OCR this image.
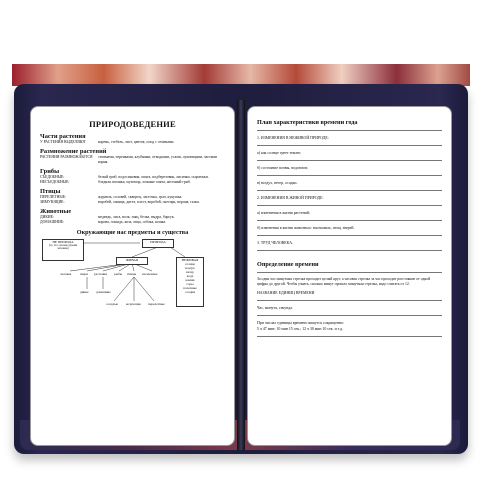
ПРИРОДОВЕДЕНИЕ
Части растения
У РАСТЕНИЯ ВЫДЕЛЯЮТ	корень, стебель, лист, цветок, плод с семенами.
Размножение растений
РАСТЕНИЯ РАЗМНОЖАЮТСЯ	семенами, черенками, клубнями, отводками, усами, луковицами, частями корня.
Грибы
СЪЕДОБНЫЕ:	белый гриб, подосиновик, опята, подберезовик, лисички, сыроежки.
НЕСЪЕДОБНЫЕ:	бледная поганка, мухомор, ложные опята, желчный гриб.
Птицы
ПЕРЕЛЕТНЫЕ:	журавль, соловей, скворец, ласточка, грач, кукушка.
ЗИМУЮЩИЕ:	воробей, синица, дятел, клест, воробей, снегирь, ворона, галка.
Животные
ДИКИЕ:	медведь, лиса, волк, заяц, белка, выдра, барсук.
ДОМАШНИЕ:	корова, лошадь, коза, овца, собака, кошка.
Окружающие нас предметы и существа
НЕ ПРИРОДА
(то, что сделано руками человека)
ПРИРОДА
ЖИВАЯ	НЕЖИВАЯ
солнце
воздух
ветер
вода
камни
горы
полезные
осадки
человек	звери растения рыбы птицы насекомые
дикие домашние
оседлые кочующие перелетные
План характеристики времени года
1. ИЗМЕНЕНИЯ В НЕЖИВОЙ ПРИРОДЕ:
а) как солнце греет землю;
б) состояние почвы, водоемов;
в) воздух, ветер, осадки.
2. ИЗМЕНЕНИЯ В ЖИВОЙ ПРИРОДЕ:
а) изменения в жизни растений;
б) изменения в жизни животных: насекомых, птиц, зверей.
3. ТРУД ЧЕЛОВЕКА.
Определение времени
За один час минутная стрелка проходит целый круг, а часовая стрелка за час проходит расстояние от одной цифры до другой. Чтобы узнать, сколько минут прошло минутная стрелка, надо считать от 12.
НАЗВАНИЕ ЕДИНИЦ ВРЕМЕНИ
Час, минута, секунда.
При числах единицы времени пишутся сокращенно:
5 ч 47 мин; 10 мин 15 сек.; 12 ч 30 мин 10 сек. и т.д.
